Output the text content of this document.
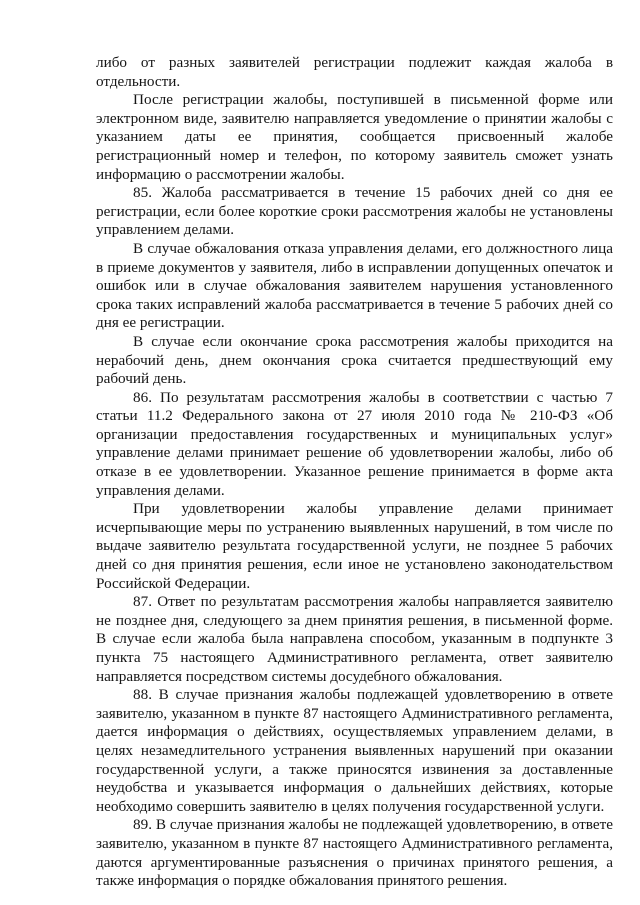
либо от разных заявителей регистрации подлежит каждая жалоба в отдельности.

После регистрации жалобы, поступившей в письменной форме или электронном виде, заявителю направляется уведомление о принятии жалобы с указанием даты ее принятия, сообщается присвоенный жалобе регистрационный номер и телефон, по которому заявитель сможет узнать информацию о рассмотрении жалобы.

85. Жалоба рассматривается в течение 15 рабочих дней со дня ее регистрации, если более короткие сроки рассмотрения жалобы не установлены управлением делами.

В случае обжалования отказа управления делами, его должностного лица в приеме документов у заявителя, либо в исправлении допущенных опечаток и ошибок или в случае обжалования заявителем нарушения установленного срока таких исправлений жалоба рассматривается в течение 5 рабочих дней со дня ее регистрации.

В случае если окончание срока рассмотрения жалобы приходится на нерабочий день, днем окончания срока считается предшествующий ему рабочий день.

86. По результатам рассмотрения жалобы в соответствии с частью 7 статьи 11.2 Федерального закона от 27 июля 2010 года № 210-ФЗ «Об организации предоставления государственных и муниципальных услуг» управление делами принимает решение об удовлетворении жалобы, либо об отказе в ее удовлетворении. Указанное решение принимается в форме акта управления делами.

При удовлетворении жалобы управление делами принимает исчерпывающие меры по устранению выявленных нарушений, в том числе по выдаче заявителю результата государственной услуги, не позднее 5 рабочих дней со дня принятия решения, если иное не установлено законодательством Российской Федерации.

87. Ответ по результатам рассмотрения жалобы направляется заявителю не позднее дня, следующего за днем принятия решения, в письменной форме. В случае если жалоба была направлена способом, указанным в подпункте 3 пункта 75 настоящего Административного регламента, ответ заявителю направляется посредством системы досудебного обжалования.

88. В случае признания жалобы подлежащей удовлетворению в ответе заявителю, указанном в пункте 87 настоящего Административного регламента, дается информация о действиях, осуществляемых управлением делами, в целях незамедлительного устранения выявленных нарушений при оказании государственной услуги, а также приносятся извинения за доставленные неудобства и указывается информация о дальнейших действиях, которые необходимо совершить заявителю в целях получения государственной услуги.

89. В случае признания жалобы не подлежащей удовлетворению, в ответе заявителю, указанном в пункте 87 настоящего Административного регламента, даются аргументированные разъяснения о причинах принятого решения, а также информация о порядке обжалования принятого решения.
